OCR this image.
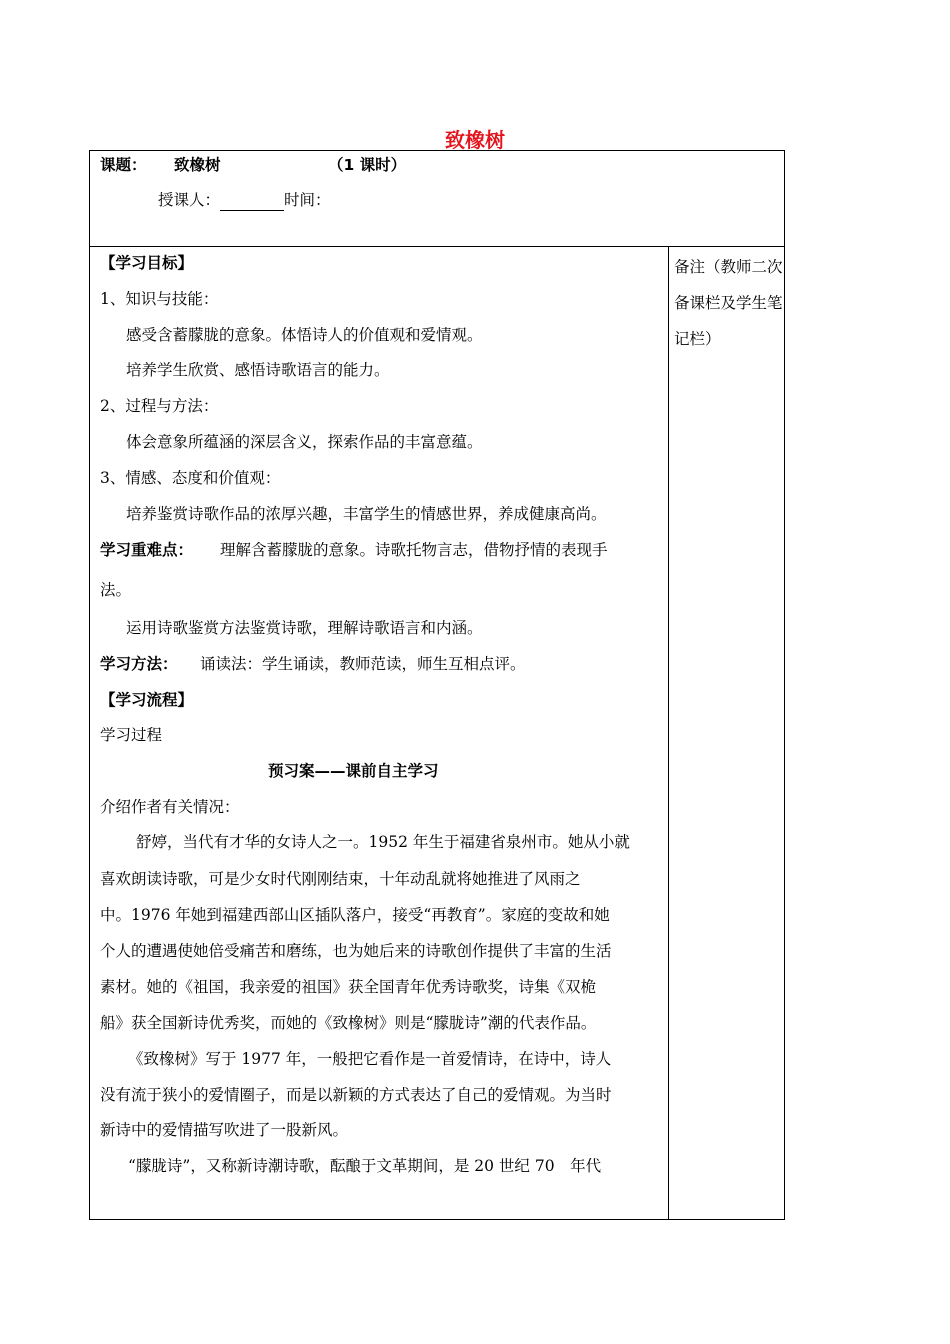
致橡树
课题： 致橡树	（1 课时）
授课人：	时间：
备注（教师二次备课栏及学生笔记栏）
【学习目标】
1、知识与技能：
感受含蓄朦胧的意象。体悟诗人的价值观和爱情观。
培养学生欣赏、感悟诗歌语言的能力。
2、过程与方法：
体会意象所蕴涵的深层含义，探索作品的丰富意蕴。
3、情感、态度和价值观：
培养鉴赏诗歌作品的浓厚兴趣，丰富学生的情感世界，养成健康高尚。
学习重难点： 理解含蓄朦胧的意象。诗歌托物言志，借物抒情的表现手
法。
运用诗歌鉴赏方法鉴赏诗歌，理解诗歌语言和内涵。
学习方法： 诵读法：学生诵读，教师范读，师生互相点评。
【学习流程】
学习过程
预习案——课前自主学习
介绍作者有关情况：
舒婷，当代有才华的女诗人之一。1952 年生于福建省泉州市。她从小就
喜欢朗读诗歌，可是少女时代刚刚结束，十年动乱就将她推进了风雨之
中。1976 年她到福建西部山区插队落户，接受“再教育”。家庭的变故和她
个人的遭遇使她倍受痛苦和磨练，也为她后来的诗歌创作提供了丰富的生活
素材。她的《祖国，我亲爱的祖国》获全国青年优秀诗歌奖，诗集《双桅
船》获全国新诗优秀奖，而她的《致橡树》则是“朦胧诗”潮的代表作品。
《致橡树》写于 1977 年，一般把它看作是一首爱情诗，在诗中，诗人
没有流于狭小的爱情圈子，而是以新颖的方式表达了自己的爱情观。为当时
新诗中的爱情描写吹进了一股新风。
“朦胧诗”，又称新诗潮诗歌，酝酿于文革期间，是 20 世纪 70　年代
